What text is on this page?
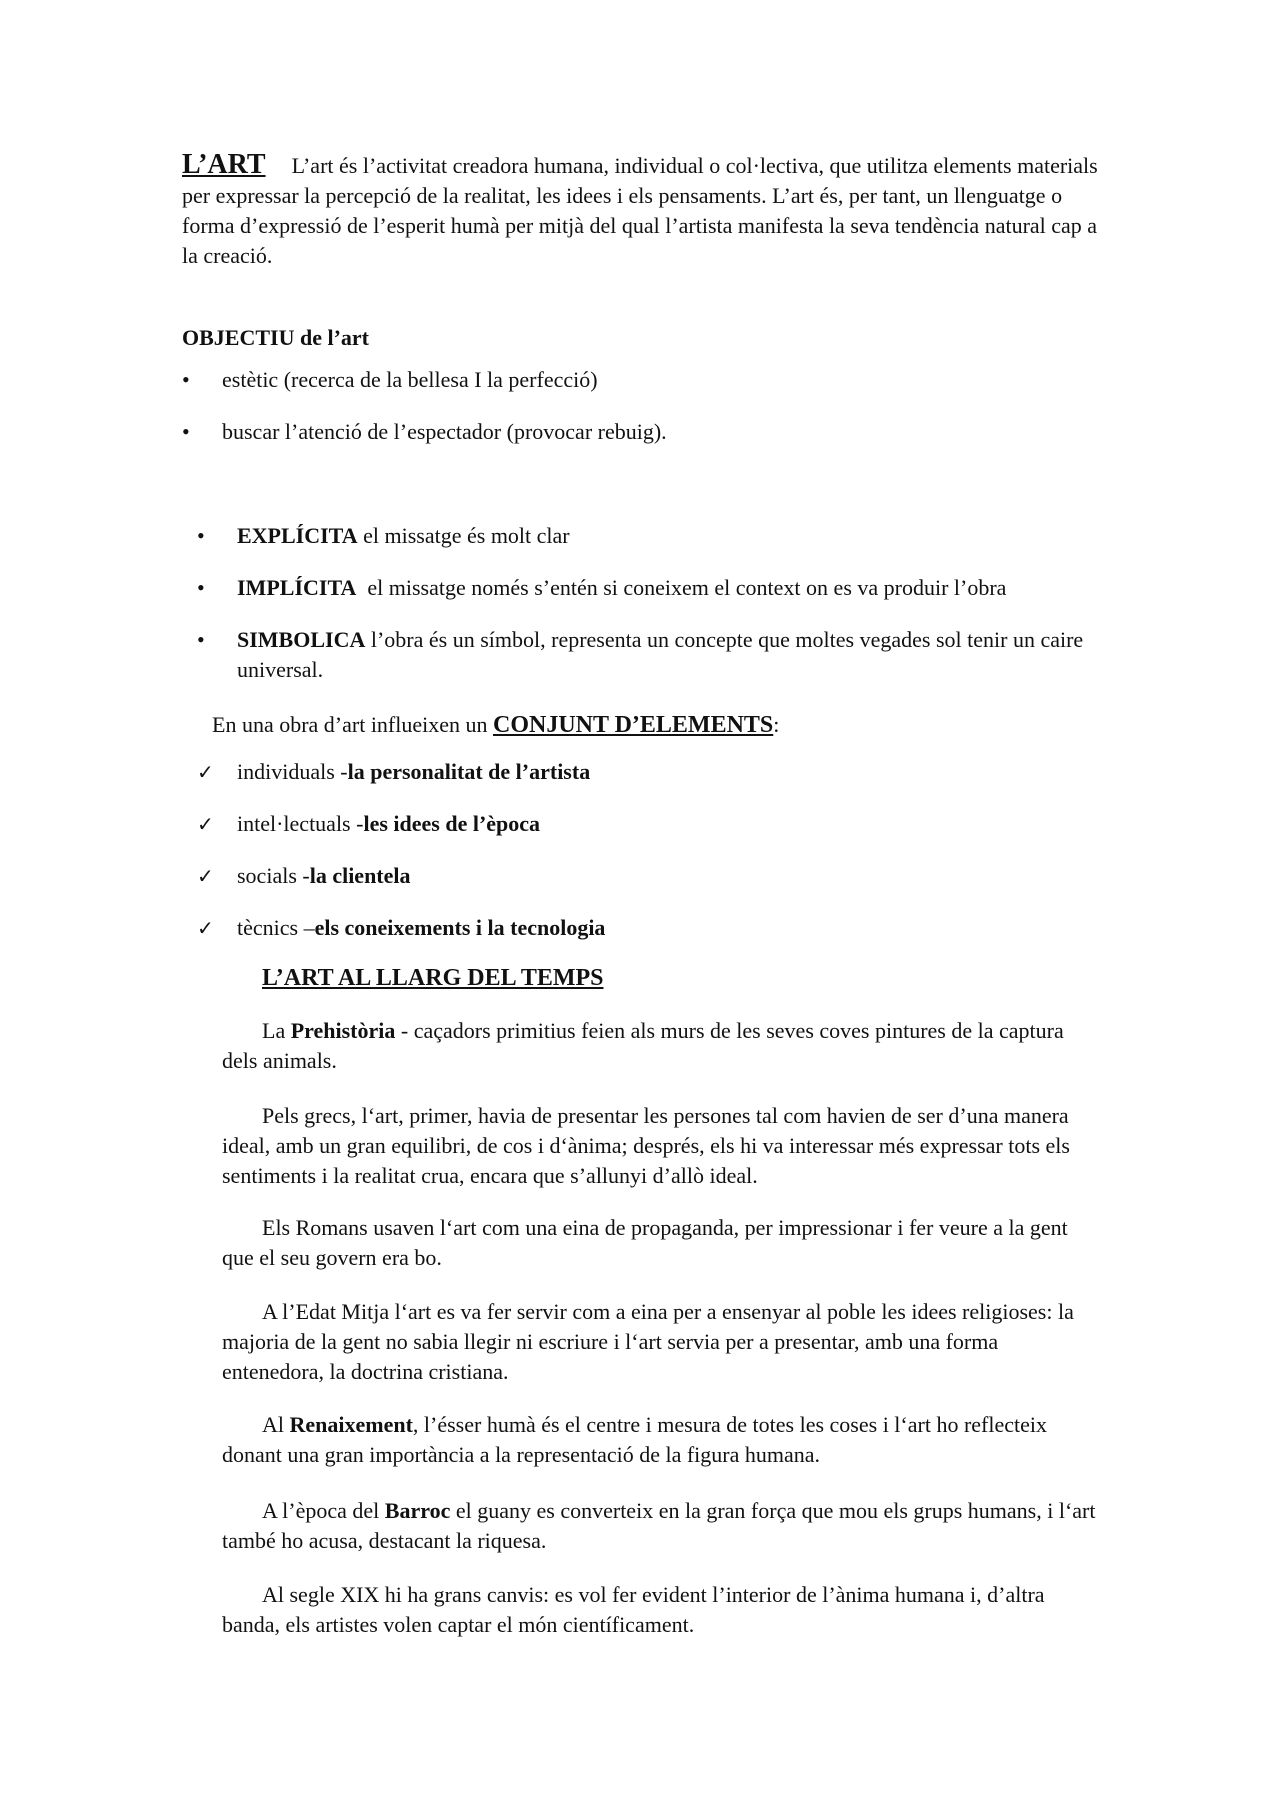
L’ART L’art és l’activitat creadora humana, individual o col·lectiva, que utilitza elements materials per expressar la percepció de la realitat, les idees i els pensaments. L’art és, per tant, un llenguatge o forma d’expressió de l’esperit humà per mitjà del qual l’artista manifesta la seva tendència natural cap a la creació.
OBJECTIU de l’art
•	estètic (recerca de la bellesa I la perfecció)
•	buscar l’atenció de l’espectador (provocar rebuig).
•	EXPLÍCITA el missatge és molt clar
•	IMPLÍCITA  el missatge només s’entén si coneixem el context on es va produir l’obra
•	SIMBOLICA l’obra és un símbol, representa un concepte que moltes vegades sol tenir un caire universal.
En una obra d’art influeixen un CONJUNT D’ELEMENTS:
✓	individuals -la personalitat de l’artista
✓	intel·lectuals -les idees de l’època
✓	socials -la clientela
✓	tècnics –els coneixements i la tecnologia
L’ART AL LLARG DEL TEMPS
La Prehistòria - caçadors primitius feien als murs de les seves coves pintures de la captura dels animals.
Pels grecs, l‘art, primer, havia de presentar les persones tal com havien de ser d’una manera ideal, amb un gran equilibri, de cos i d‘ànima; després, els hi va interessar més expressar tots els sentiments i la realitat crua, encara que s’allunyi d’allò ideal.
Els Romans usaven l‘art com una eina de propaganda, per impressionar i fer veure a la gent que el seu govern era bo.
A l’Edat Mitja l‘art es va fer servir com a eina per a ensenyar al poble les idees religioses: la majoria de la gent no sabia llegir ni escriure i l‘art servia per a presentar, amb una forma entenedora, la doctrina cristiana.
Al Renaixement, l’ésser humà és el centre i mesura de totes les coses i l‘art ho reflecteix donant una gran importància a la representació de la figura humana.
A l’època del Barroc el guany es converteix en la gran força que mou els grups humans, i l‘art també ho acusa, destacant la riquesa.
Al segle XIX hi ha grans canvis: es vol fer evident l’interior de l’ànima humana i, d’altra banda, els artistes volen captar el món científicament.
